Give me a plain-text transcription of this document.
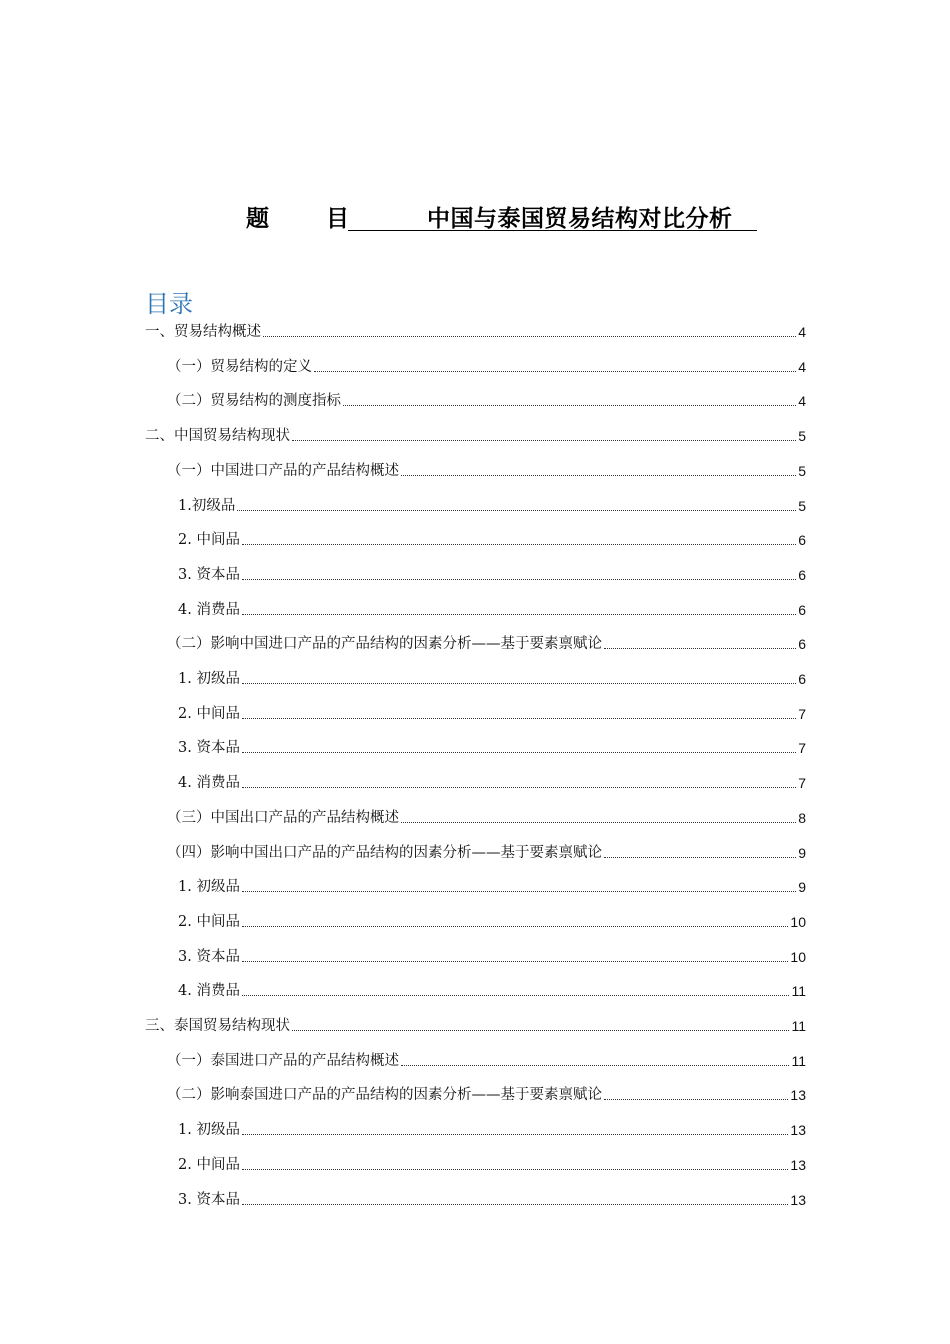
题 目	中国与泰国贸易结构对比分析
目录
一、贸易结构概述	4
（一）贸易结构的定义	4
（二）贸易结构的测度指标	4
二、中国贸易结构现状	5
（一）中国进口产品的产品结构概述	5
1.初级品	5
2. 中间品	6
3. 资本品	6
4. 消费品	6
（二）影响中国进口产品的产品结构的因素分析——基于要素禀赋论	6
1. 初级品	6
2. 中间品	7
3. 资本品	7
4. 消费品	7
（三）中国出口产品的产品结构概述	8
（四）影响中国出口产品的产品结构的因素分析——基于要素禀赋论	9
1. 初级品	9
2. 中间品	10
3. 资本品	10
4. 消费品	11
三、泰国贸易结构现状	11
（一）泰国进口产品的产品结构概述	11
（二）影响泰国进口产品的产品结构的因素分析——基于要素禀赋论	13
1. 初级品	13
2. 中间品	13
3. 资本品	13
